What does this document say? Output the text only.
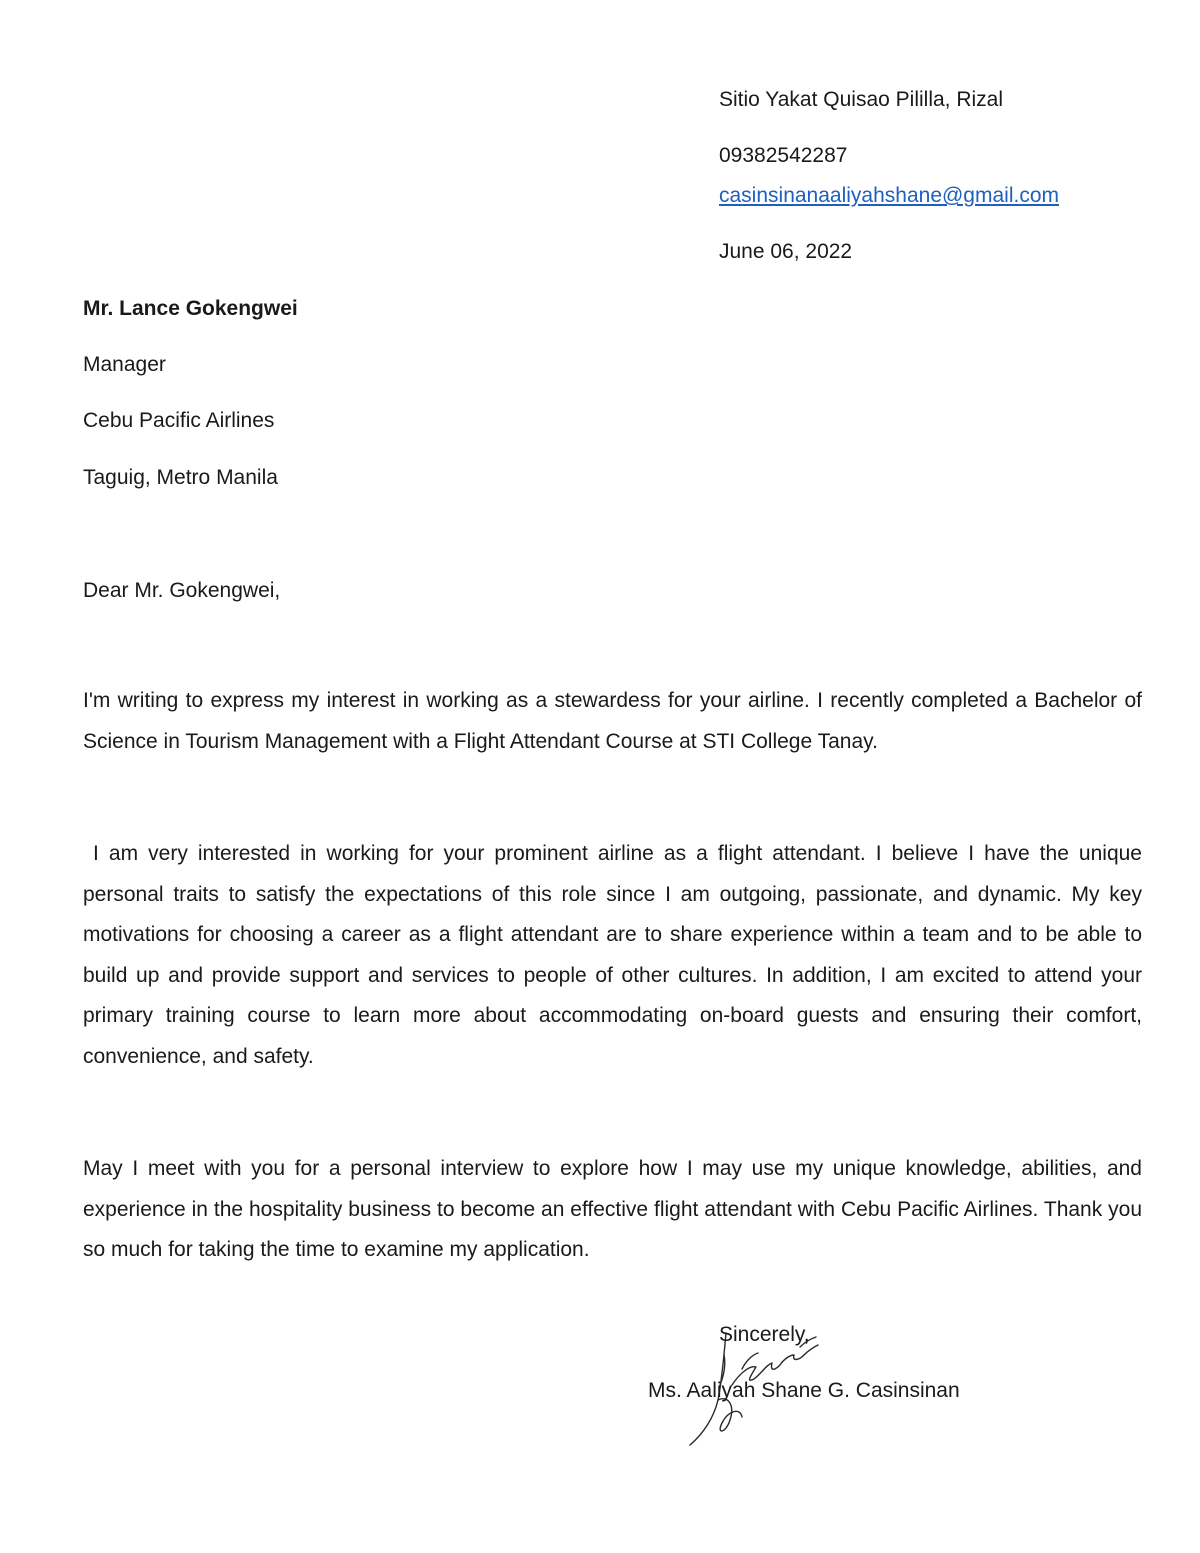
Sitio Yakat Quisao Pililla, Rizal
09382542287
casinsinanaaliyahshane@gmail.com
June 06, 2022
Mr. Lance Gokengwei
Manager
Cebu Pacific Airlines
Taguig, Metro Manila
Dear Mr. Gokengwei,

I'm writing to express my interest in working as a stewardess for your airline. I recently completed a Bachelor of Science in Tourism Management with a Flight Attendant Course at STI College Tanay.

I am very interested in working for your prominent airline as a flight attendant. I believe I have the unique personal traits to satisfy the expectations of this role since I am outgoing, passionate, and dynamic. My key motivations for choosing a career as a flight attendant are to share experience within a team and to be able to build up and provide support and services to people of other cultures. In addition, I am excited to attend your primary training course to learn more about accommodating on-board guests and ensuring their comfort, convenience, and safety.

May I meet with you for a personal interview to explore how I may use my unique knowledge, abilities, and experience in the hospitality business to become an effective flight attendant with Cebu Pacific Airlines. Thank you so much for taking the time to examine my application.

Sincerely,
Ms. Aaliyah Shane G. Casinsinan
